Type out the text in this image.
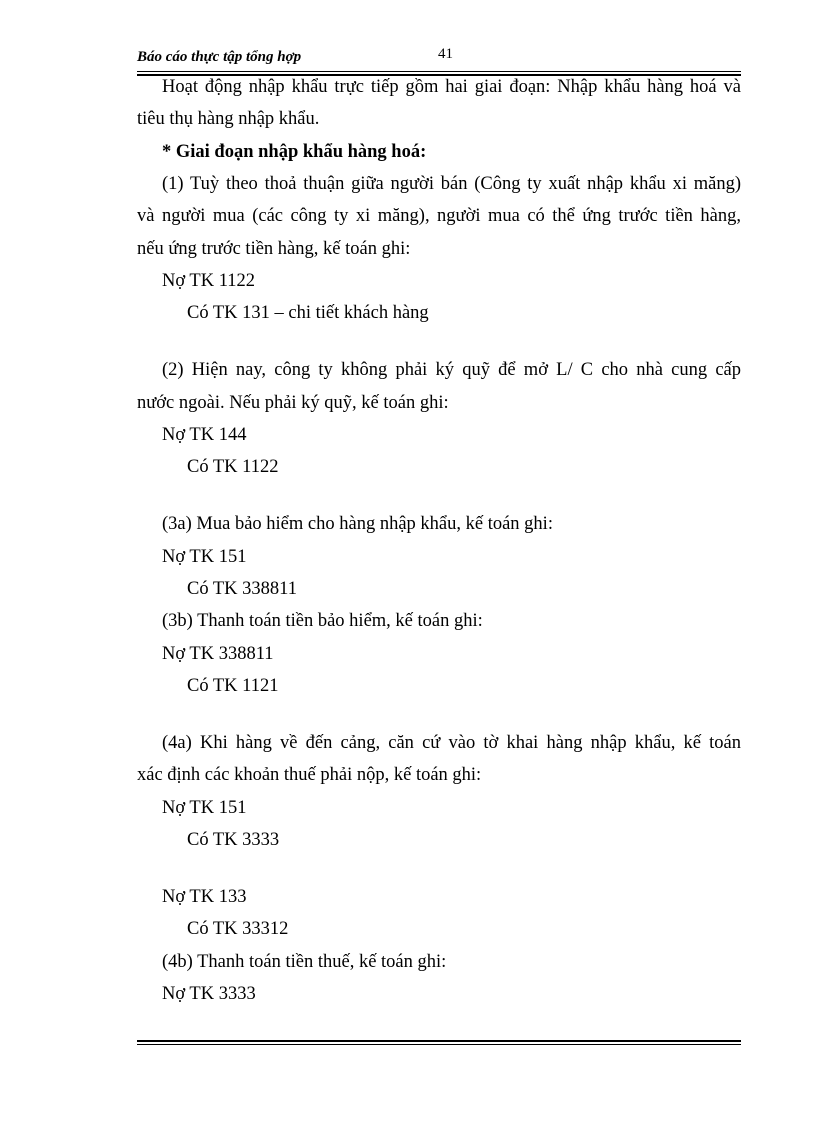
Báo cáo thực tập tổng hợp	41
Hoạt động nhập khẩu trực tiếp gồm hai giai đoạn: Nhập khẩu hàng hoá và
tiêu thụ hàng nhập khẩu.
* Giai đoạn nhập khẩu hàng hoá:
(1) Tuỳ theo thoả thuận giữa người bán (Công ty xuất nhập khẩu xi măng)
và người mua (các công ty xi măng), người mua có thể ứng trước tiền hàng,
nếu ứng trước tiền hàng, kế toán ghi:
Nợ TK 1122
Có TK 131 – chi tiết khách hàng
(2) Hiện nay, công ty không phải ký quỹ để mở L/ C cho nhà cung cấp
nước ngoài. Nếu phải ký quỹ, kế toán ghi:
Nợ TK 144
Có TK 1122
(3a) Mua bảo hiểm cho hàng nhập khẩu, kế toán ghi:
Nợ TK 151
Có TK 338811
(3b) Thanh toán tiền bảo hiểm, kế toán ghi:
Nợ TK 338811
Có TK 1121
(4a) Khi hàng về đến cảng, căn cứ vào tờ khai hàng nhập khẩu, kế toán
xác định các khoản thuế phải nộp, kế toán ghi:
Nợ TK 151
Có TK 3333
Nợ TK 133
Có TK 33312
(4b) Thanh toán tiền thuế, kế toán ghi:
Nợ TK 3333
